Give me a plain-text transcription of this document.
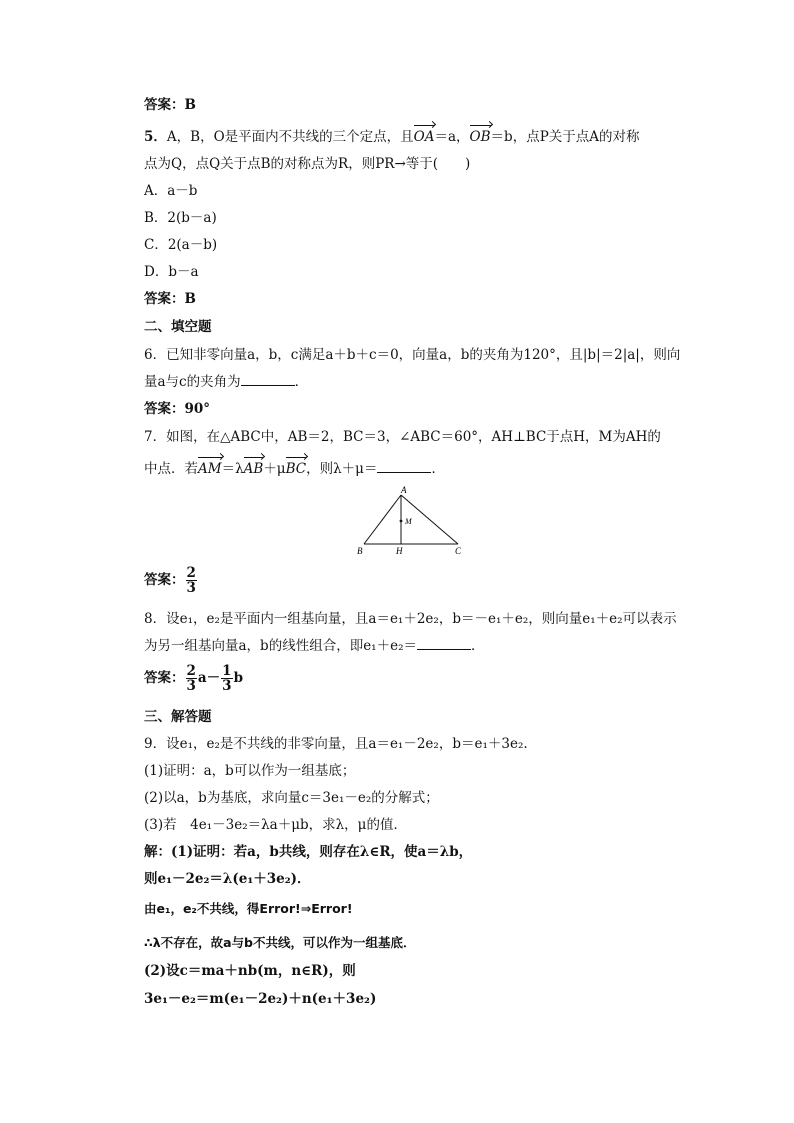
答案：B
5．A，B，O是平面内不共线的三个定点，且OA＝a，OB＝b，点P关于点A的对称
点为Q，点Q关于点B的对称点为R，则PR→等于(　　)
A．a－b
B．2(b－a)
C．2(a－b)
D．b－a
答案：B
二、填空题
6．已知非零向量a，b，c满足a＋b＋c＝0，向量a，b的夹角为120°，且|b|＝2|a|，则向
量a与c的夹角为	．
答案：90°
7．如图，在△ABC中，AB＝2，BC＝3，∠ABC＝60°，AH⊥BC于点H，M为AH的
中点．若AM＝λAB＋μBC，则λ＋μ＝	．
A
M
B	H	C
答案： $\frac{2}{3}$
8．设e₁，e₂是平面内一组基向量，且a＝e₁＋2e₂，b＝－e₁＋e₂，则向量e₁＋e₂可以表示
为另一组基向量a，b的线性组合，即e₁＋e₂＝	．
答案： $\frac{2}{3} a- \frac{1}{3}$ b
三、解答题
9．设e₁，e₂是不共线的非零向量，且a＝e₁－2e₂，b＝e₁＋3e₂.
(1)证明：a，b可以作为一组基底；
(2)以a，b为基底，求向量c＝3e₁－e₂的分解式；
(3)若　4e₁－3e₂＝λa＋μb，求λ，μ的值．
解：(1)证明：若a，b共线，则存在λ∈R，使a＝λb，
则e₁－2e₂＝λ(e₁＋3e₂)．
由e₁，e₂不共线，得Error!⇒Error!
∴λ不存在，故a与b不共线，可以作为一组基底．
(2)设c＝ma＋nb(m，n∈R)，则
3e₁－e₂＝m(e₁－2e₂)＋n(e₁＋3e₂)
